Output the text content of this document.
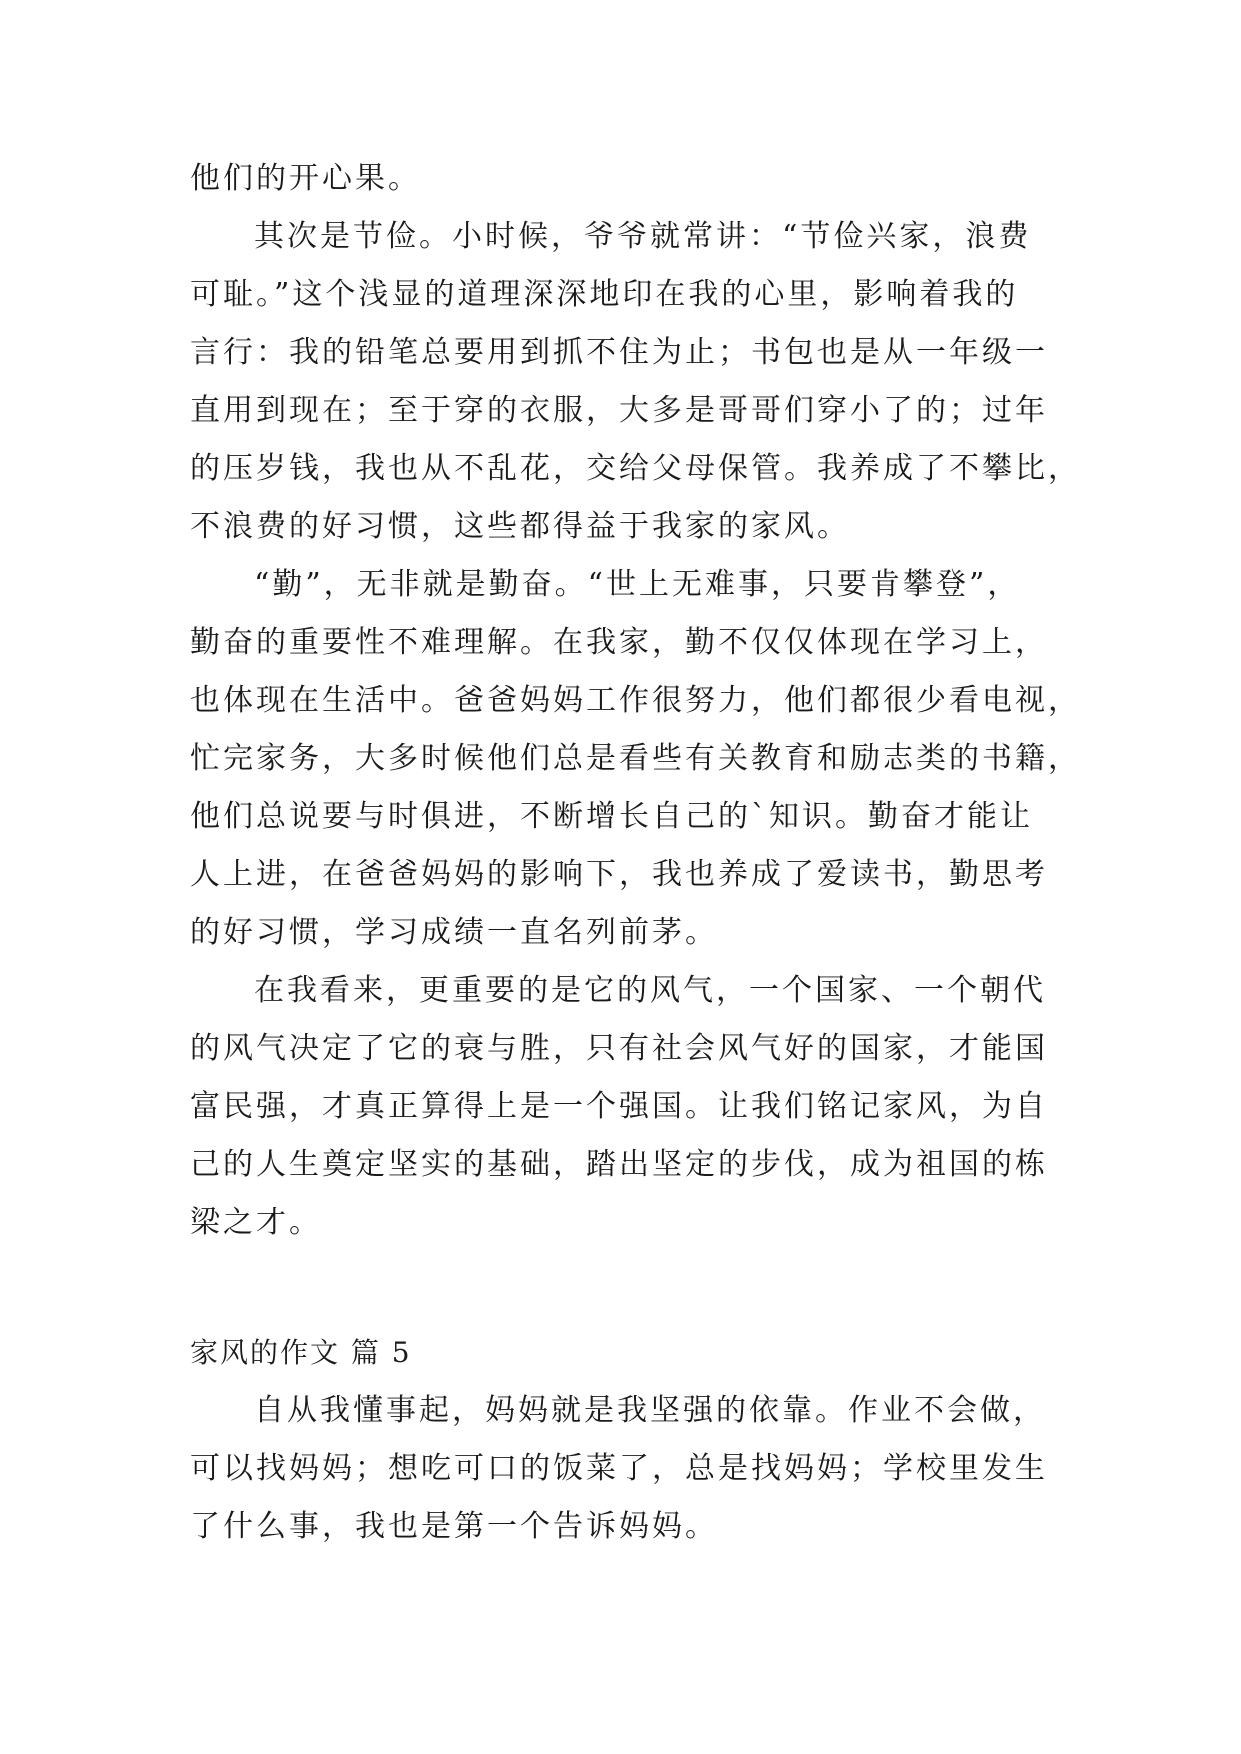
他们的开心果。
其次是节俭。小时候，爷爷就常讲：“节俭兴家，浪费
可耻。”这个浅显的道理深深地印在我的心里，影响着我的
言行：我的铅笔总要用到抓不住为止；书包也是从一年级一
直用到现在；至于穿的衣服，大多是哥哥们穿小了的；过年
的压岁钱，我也从不乱花，交给父母保管。我养成了不攀比，
不浪费的好习惯，这些都得益于我家的家风。
“勤”，无非就是勤奋。“世上无难事，只要肯攀登”，
勤奋的重要性不难理解。在我家，勤不仅仅体现在学习上，
也体现在生活中。爸爸妈妈工作很努力，他们都很少看电视，
忙完家务，大多时候他们总是看些有关教育和励志类的书籍，
他们总说要与时俱进，不断增长自己的`知识。勤奋才能让
人上进，在爸爸妈妈的影响下，我也养成了爱读书，勤思考
的好习惯，学习成绩一直名列前茅。
在我看来，更重要的是它的风气，一个国家、一个朝代
的风气决定了它的衰与胜，只有社会风气好的国家，才能国
富民强，才真正算得上是一个强国。让我们铭记家风，为自
己的人生奠定坚实的基础，踏出坚定的步伐，成为祖国的栋
梁之才。
家风的作文 篇 5
自从我懂事起，妈妈就是我坚强的依靠。作业不会做，
可以找妈妈；想吃可口的饭菜了，总是找妈妈；学校里发生
了什么事，我也是第一个告诉妈妈。
